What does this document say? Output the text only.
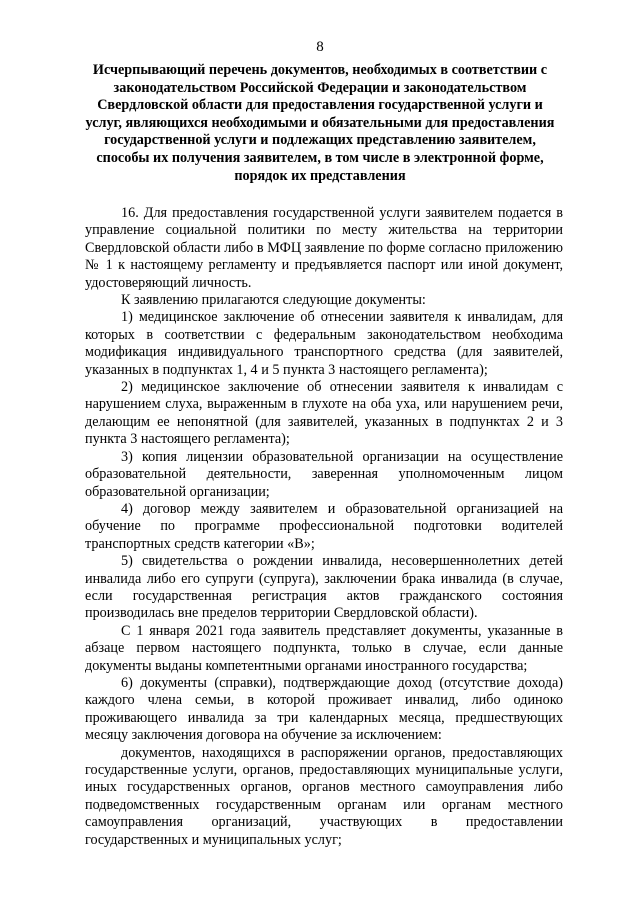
8
Исчерпывающий перечень документов, необходимых в соответствии с законодательством Российской Федерации и законодательством Свердловской области для предоставления государственной услуги и услуг, являющихся необходимыми и обязательными для предоставления государственной услуги и подлежащих представлению заявителем, способы их получения заявителем, в том числе в электронной форме, порядок их представления

16. Для предоставления государственной услуги заявителем подается в управление социальной политики по месту жительства на территории Свердловской области либо в МФЦ заявление по форме согласно приложению № 1 к настоящему регламенту и предъявляется паспорт или иной документ, удостоверяющий личность.

К заявлению прилагаются следующие документы:

1) медицинское заключение об отнесении заявителя к инвалидам, для которых в соответствии с федеральным законодательством необходима модификация индивидуального транспортного средства (для заявителей, указанных в подпунктах 1, 4 и 5 пункта 3 настоящего регламента);

2) медицинское заключение об отнесении заявителя к инвалидам с нарушением слуха, выраженным в глухоте на оба уха, или нарушением речи, делающим ее непонятной (для заявителей, указанных в подпунктах 2 и 3 пункта 3 настоящего регламента);

3) копия лицензии образовательной организации на осуществление образовательной деятельности, заверенная уполномоченным лицом образовательной организации;

4) договор между заявителем и образовательной организацией на обучение по программе профессиональной подготовки водителей транспортных средств категории «B»;

5) свидетельства о рождении инвалида, несовершеннолетних детей инвалида либо его супруги (супруга), заключении брака инвалида (в случае, если государственная регистрация актов гражданского состояния производилась вне пределов территории Свердловской области).

С 1 января 2021 года заявитель представляет документы, указанные в абзаце первом настоящего подпункта, только в случае, если данные документы выданы компетентными органами иностранного государства;

6) документы (справки), подтверждающие доход (отсутствие дохода) каждого члена семьи, в которой проживает инвалид, либо одиноко проживающего инвалида за три календарных месяца, предшествующих месяцу заключения договора на обучение за исключением:

документов, находящихся в распоряжении органов, предоставляющих государственные услуги, органов, предоставляющих муниципальные услуги, иных государственных органов, органов местного самоуправления либо подведомственных государственным органам или органам местного самоуправления организаций, участвующих в предоставлении государственных и муниципальных услуг;
